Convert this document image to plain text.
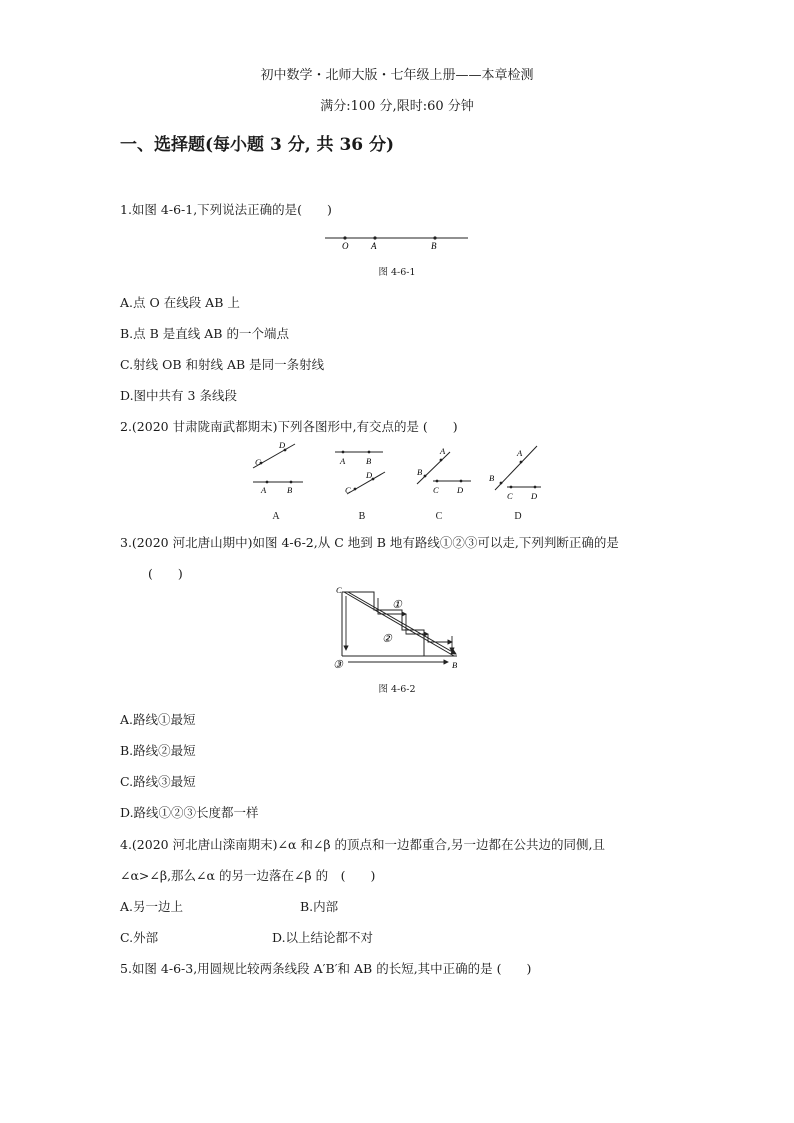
初中数学・北师大版・七年级上册——本章检测
满分:100 分,限时:60 分钟
一、选择题(每小题 3 分, 共 36 分)
1.如图 4-6-1,下列说法正确的是(　　)
O	A	B
图 4-6-1
A.点 O 在线段 AB 上
B.点 B 是直线 AB 的一个端点
C.射线 OB 和射线 AB 是同一条射线
D.图中共有 3 条线段
2.(2020 甘肃陇南武都期末)下列各图形中,有交点的是 (　　)
C
D
A B
A B
C
D	B
A
C D
B
A
C D
A	B	C	D
3.(2020 河北唐山期中)如图 4-6-2,从 C 地到 B 地有路线①②③可以走,下列判断正确的是
(　　)
C
B
①
②
③
图 4-6-2
A.路线①最短
B.路线②最短
C.路线③最短
D.路线①②③长度都一样
4.(2020 河北唐山滦南期末)∠α 和∠β 的顶点和一边都重合,另一边都在公共边的同侧,且
∠α>∠β,那么∠α 的另一边落在∠β 的　(　　)
A.另一边上	B.内部
C.外部	D.以上结论都不对
5.如图 4-6-3,用圆规比较两条线段 A′B′和 AB 的长短,其中正确的是 (　　)
